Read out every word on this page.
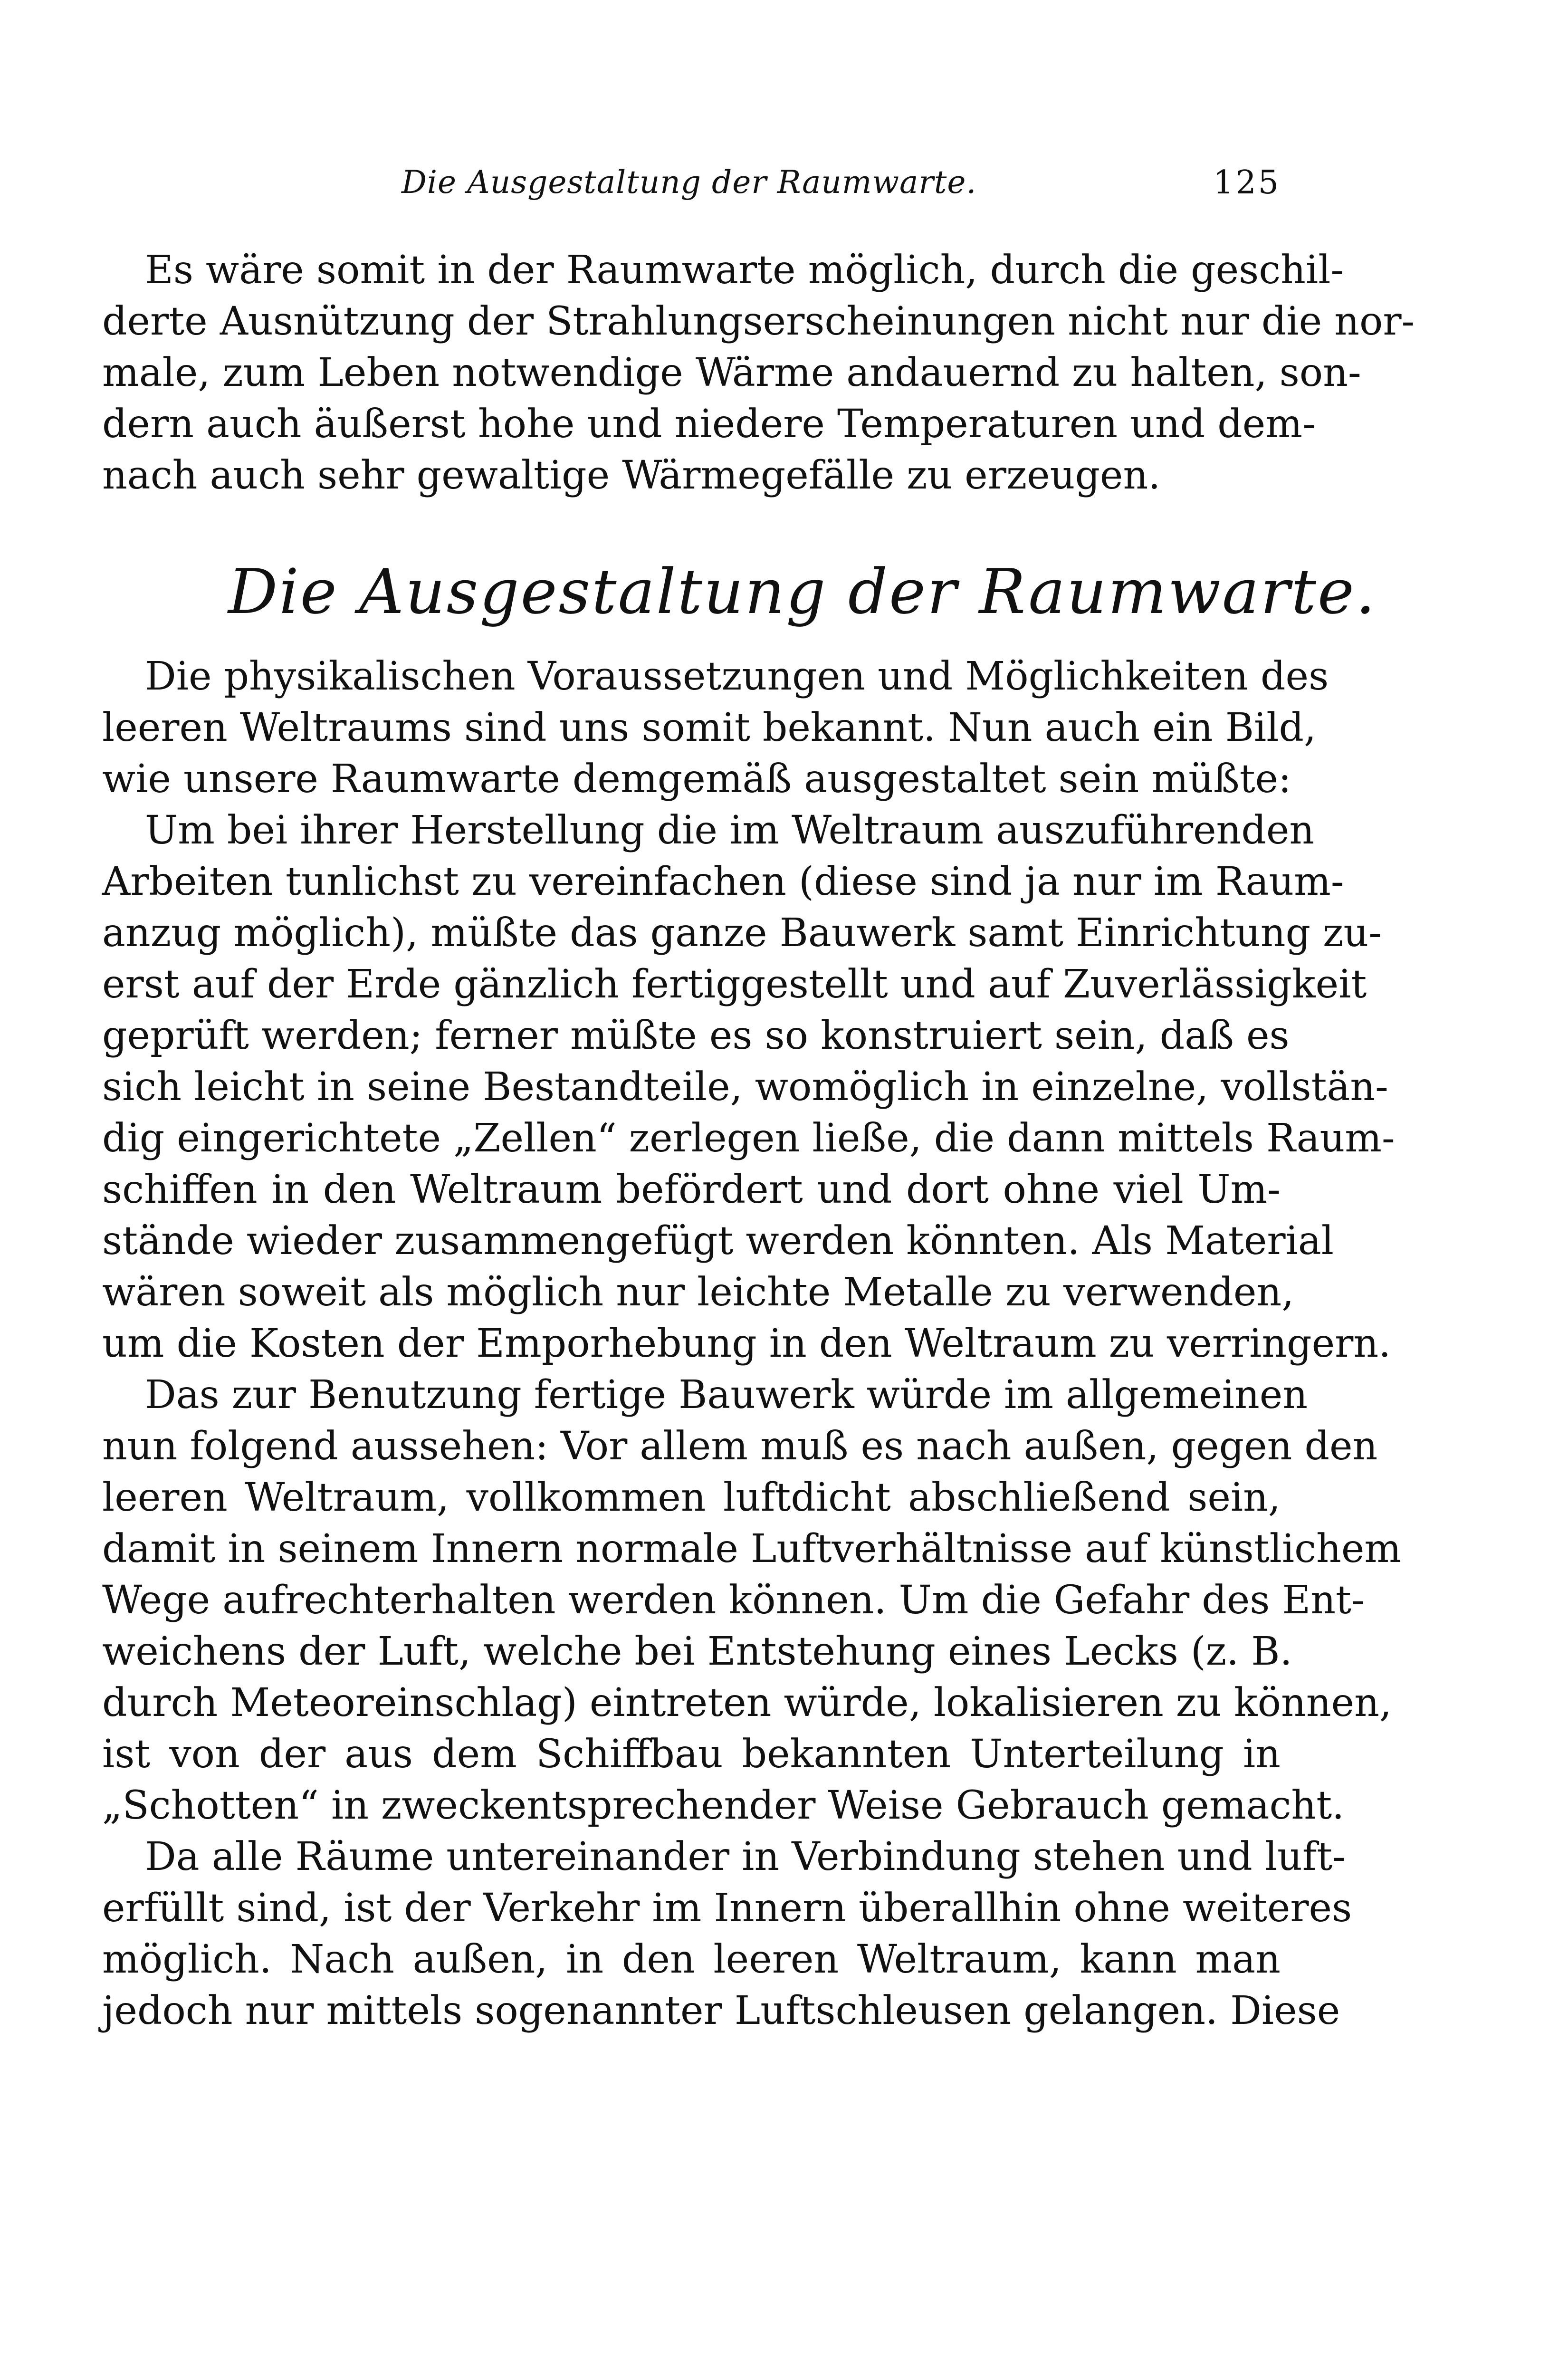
Die Ausgestaltung der Raumwarte.	125
Es wäre somit in der Raumwarte möglich, durch die geschil-
derte Ausnützung der Strahlungserscheinungen nicht nur die nor-
male, zum Leben notwendige Wärme andauernd zu halten, son-
dern auch äußerst hohe und niedere Temperaturen und dem-
nach auch sehr gewaltige Wärmegefälle zu erzeugen.
Die Ausgestaltung der Raumwarte.
Die physikalischen Voraussetzungen und Möglichkeiten des
leeren Weltraums sind uns somit bekannt. Nun auch ein Bild,
wie unsere Raumwarte demgemäß ausgestaltet sein müßte:
Um bei ihrer Herstellung die im Weltraum auszuführenden
Arbeiten tunlichst zu vereinfachen (diese sind ja nur im Raum-
anzug möglich), müßte das ganze Bauwerk samt Einrichtung zu-
erst auf der Erde gänzlich fertiggestellt und auf Zuverlässigkeit
geprüft werden; ferner müßte es so konstruiert sein, daß es
sich leicht in seine Bestandteile, womöglich in einzelne, vollstän-
dig eingerichtete „Zellen“ zerlegen ließe, die dann mittels Raum-
schiffen in den Weltraum befördert und dort ohne viel Um-
stände wieder zusammengefügt werden könnten. Als Material
wären soweit als möglich nur leichte Metalle zu verwenden,
um die Kosten der Emporhebung in den Weltraum zu verringern.
Das zur Benutzung fertige Bauwerk würde im allgemeinen
nun folgend aussehen: Vor allem muß es nach außen, gegen den
leeren Weltraum, vollkommen luftdicht abschließend sein,
damit in seinem Innern normale Luftverhältnisse auf künstlichem
Wege aufrechterhalten werden können. Um die Gefahr des Ent-
weichens der Luft, welche bei Entstehung eines Lecks (z. B.
durch Meteoreinschlag) eintreten würde, lokalisieren zu können,
ist von der aus dem Schiffbau bekannten Unterteilung in
„Schotten“ in zweckentsprechender Weise Gebrauch gemacht.
Da alle Räume untereinander in Verbindung stehen und luft-
erfüllt sind, ist der Verkehr im Innern überallhin ohne weiteres
möglich. Nach außen, in den leeren Weltraum, kann man
jedoch nur mittels sogenannter Luftschleusen gelangen. Diese
